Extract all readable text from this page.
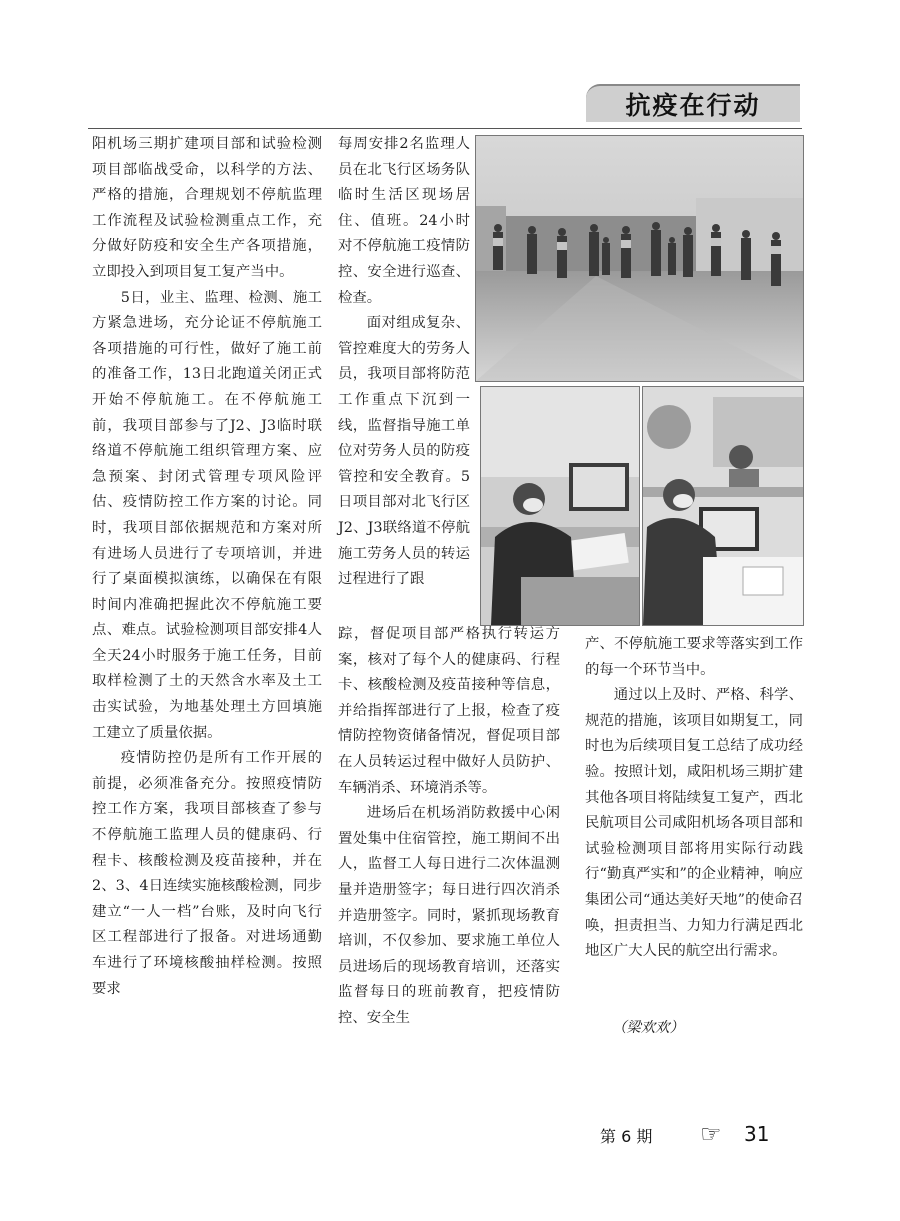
抗疫在行动

阳机场三期扩建项目部和试验检测项目部临战受命，以科学的方法、严格的措施，合理规划不停航监理工作流程及试验检测重点工作，充分做好防疫和安全生产各项措施，立即投入到项目复工复产当中。

5日，业主、监理、检测、施工方紧急进场，充分论证不停航施工各项措施的可行性，做好了施工前的准备工作，13日北跑道关闭正式开始不停航施工。在不停航施工前，我项目部参与了J2、J3临时联络道不停航施工组织管理方案、应急预案、封闭式管理专项风险评估、疫情防控工作方案的讨论。同时，我项目部依据规范和方案对所有进场人员进行了专项培训，并进行了桌面模拟演练，以确保在有限时间内准确把握此次不停航施工要点、难点。试验检测项目部安排4人全天24小时服务于施工任务，目前取样检测了土的天然含水率及土工击实试验，为地基处理土方回填施工建立了质量依据。

疫情防控仍是所有工作开展的前提，必须准备充分。按照疫情防控工作方案，我项目部核查了参与不停航施工监理人员的健康码、行程卡、核酸检测及疫苗接种，并在2、3、4日连续实施核酸检测，同步建立“一人一档”台账，及时向飞行区工程部进行了报备。对进场通勤车进行了环境核酸抽样检测。按照要求

每周安排2名监理人员在北飞行区场务队临时生活区现场居住、值班。24小时对不停航施工疫情防控、安全进行巡查、检查。

面对组成复杂、管控难度大的劳务人员，我项目部将防范工作重点下沉到一线，监督指导施工单位对劳务人员的防疫管控和安全教育。5日项目部对北飞行区J2、J3联络道不停航施工劳务人员的转运过程进行了跟

踪，督促项目部严格执行转运方案，核对了每个人的健康码、行程卡、核酸检测及疫苗接种等信息，并给指挥部进行了上报，检查了疫情防控物资储备情况，督促项目部在人员转运过程中做好人员防护、车辆消杀、环境消杀等。

进场后在机场消防救援中心闲置处集中住宿管控，施工期间不出人，监督工人每日进行二次体温测量并造册签字；每日进行四次消杀并造册签字。同时，紧抓现场教育培训，不仅参加、要求施工单位人员进场后的现场教育培训，还落实监督每日的班前教育，把疫情防控、安全生

产、不停航施工要求等落实到工作的每一个环节当中。

通过以上及时、严格、科学、规范的措施，该项目如期复工，同时也为后续项目复工总结了成功经验。按照计划，咸阳机场三期扩建其他各项目将陆续复工复产，西北民航项目公司咸阳机场各项目部和试验检测项目部将用实际行动践行“勤真严实和”的企业精神，响应集团公司“通达美好天地”的使命召唤，担责担当、力知力行满足西北地区广大人民的航空出行需求。

（梁欢欢）
第 6 期 ☞ 31
